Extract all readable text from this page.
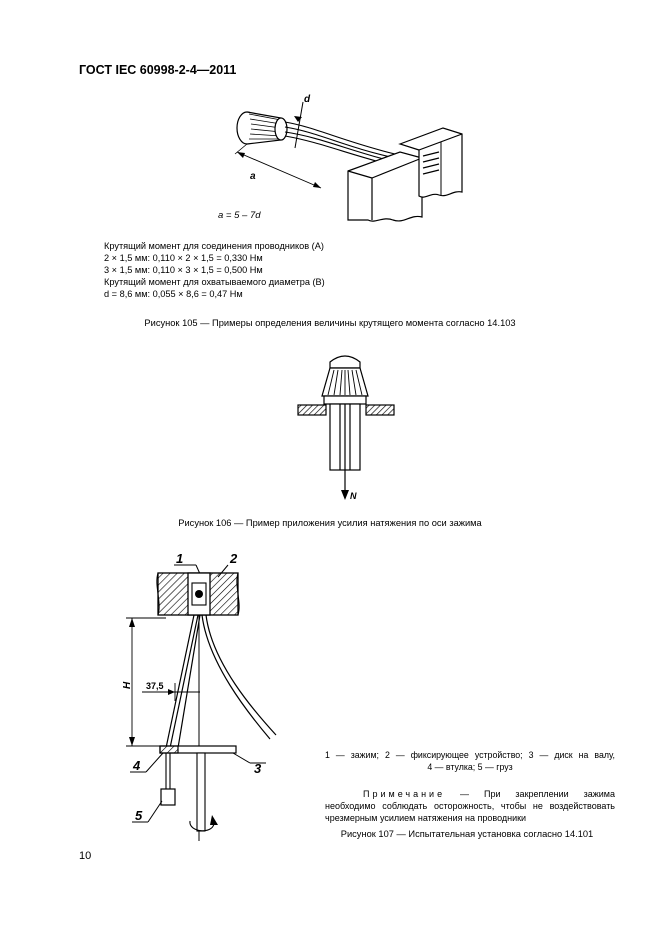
ГОСТ IEC 60998-2-4—2011
d
a
a = 5 – 7d
Крутящий момент для соединения проводников (A)
2 × 1,5 мм: 0,110 × 2 × 1,5 = 0,330 Нм
3 × 1,5 мм: 0,110 × 3 × 1,5 = 0,500 Нм
Крутящий момент для охватываемого диаметра (В)
d = 8,6 мм: 0,055 × 8,6 = 0,47 Нм
Рисунок 105 — Примеры определения величины крутящего момента согласно 14.103
N
Рисунок 106 — Пример приложения усилия натяжения по оси зажима
1	2
H 37,5
3
4
5
1 — зажим; 2 — фиксирующее устройство; 3 — диск на валу,
4 — втулка; 5 — груз
Примечание — При закреплении зажима необходимо соблюдать осторожность, чтобы не воздействовать чрезмерным усилием натяжения на проводники
Рисунок 107 — Испытательная установка согласно 14.101
10
